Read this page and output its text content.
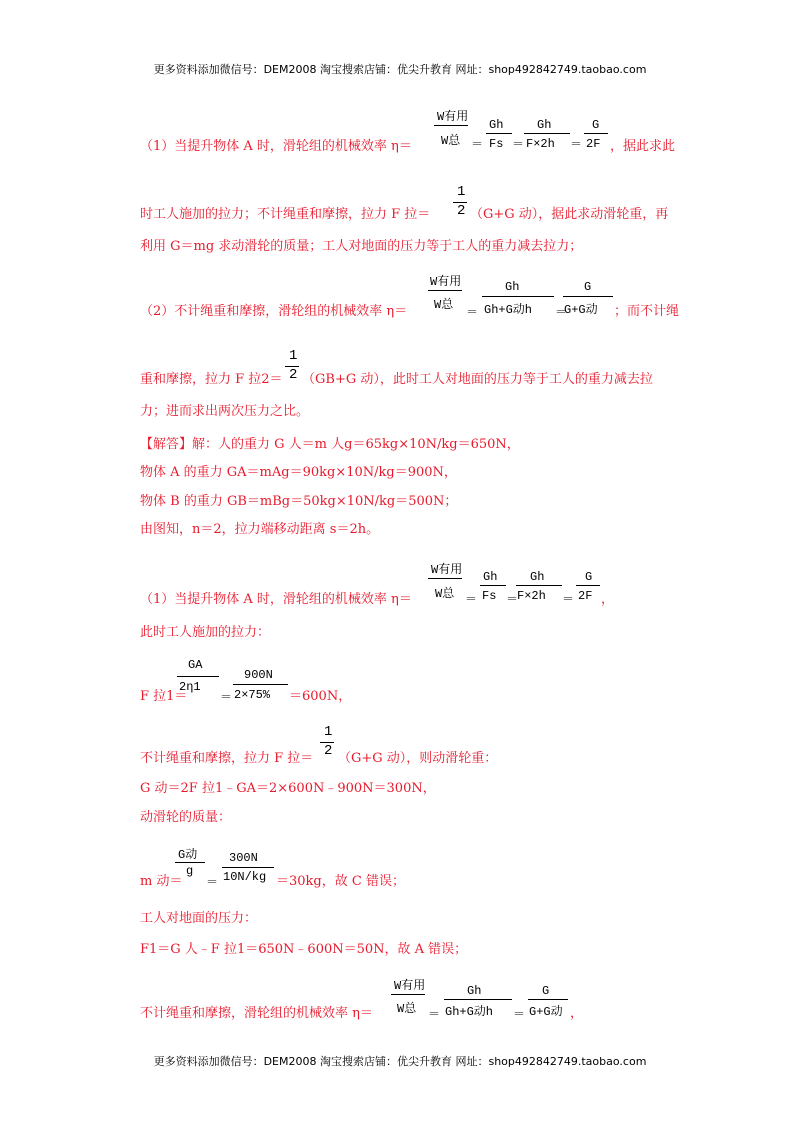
更多资料添加微信号：DEM2008 淘宝搜索店铺：优尖升教育 网址：shop492842749.taobao.com
（1）当提升物体 A 时，滑轮组的机械效率 η＝
W有用
W总 ＝
Gh
Fs ＝
Gh
F×2h ＝
G
2F ，据此求此
时工人施加的拉力；不计绳重和摩擦，拉力 F 拉＝
1
2 （G+G 动），据此求动滑轮重，再
利用 G＝mg 求动滑轮的质量；工人对地面的压力等于工人的重力减去拉力；
（2）不计绳重和摩擦，滑轮组的机械效率 η＝
W有用
W总
＝
Gh
Gh+G动h ＝
G
G+G动 ；而不计绳
重和摩擦，拉力 F 拉2＝
1
2 （GB+G 动），此时工人对地面的压力等于工人的重力减去拉
力；进而求出两次压力之比。
【解答】解：人的重力 G 人＝m 人g＝65kg×10N/kg＝650N，
物体 A 的重力 GA＝mAg＝90kg×10N/kg＝900N，
物体 B 的重力 GB＝mBg＝50kg×10N/kg＝500N；
由图知，n＝2，拉力端移动距离 s＝2h。
（1）当提升物体 A 时，滑轮组的机械效率 η＝
W有用
W总 ＝
Gh
Fs ＝
Gh
F×2h ＝
G
2F ，
此时工人施加的拉力：
F 拉1＝
GA
2η1
＝
900N
2×75% ＝600N，
不计绳重和摩擦，拉力 F 拉＝
1
2 （G+G 动），则动滑轮重：
G 动＝2F 拉1﹣GA＝2×600N﹣900N＝300N，
动滑轮的质量：
m 动＝
G动
g
＝
300N
10N/kg ＝30kg，故 C 错误；
工人对地面的压力：
F1＝G 人﹣F 拉1＝650N﹣600N＝50N，故 A 错误；
不计绳重和摩擦，滑轮组的机械效率 η＝
W有用
W总 ＝
Gh
Gh+G动h ＝
G
G+G动 ，
更多资料添加微信号：DEM2008 淘宝搜索店铺：优尖升教育 网址：shop492842749.taobao.com
